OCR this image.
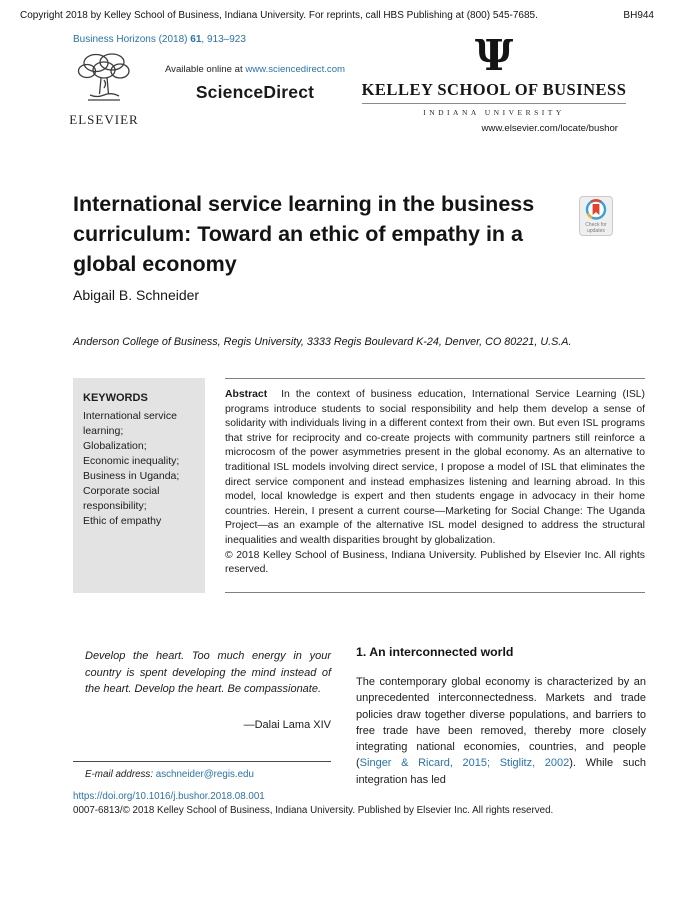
Copyright 2018 by Kelley School of Business, Indiana University. For reprints, call HBS Publishing at (800) 545-7685.	BH944
Business Horizons (2018) 61, 913–923
ELSEVIER
Available online at www.sciencedirect.com
ScienceDirect
Ψ
KELLEY SCHOOL OF BUSINESS
INDIANA UNIVERSITY
www.elsevier.com/locate/bushor
International service learning in the business curriculum: Toward an ethic of empathy in a global economy
Check for
updates
Abigail B. Schneider
Anderson College of Business, Regis University, 3333 Regis Boulevard K-24, Denver, CO 80221, U.S.A.
KEYWORDS
International service learning;
Globalization;
Economic inequality;
Business in Uganda;
Corporate social responsibility;
Ethic of empathy

Abstract In the context of business education, International Service Learning (ISL) programs introduce students to social responsibility and help them develop a sense of solidarity with individuals living in a different context from their own. But even ISL programs that strive for reciprocity and co-create projects with community partners still reinforce a microcosm of the power asymmetries present in the global economy. As an alternative to traditional ISL models involving direct service, I propose a model of ISL that eliminates the direct service component and instead emphasizes listening and learning abroad. In this model, local knowledge is expert and then students engage in advocacy in their home countries. Herein, I present a current course—Marketing for Social Change: The Uganda Project—as an example of the alternative ISL model designed to address the structural inequalities and wealth disparities brought by globalization.

© 2018 Kelley School of Business, Indiana University. Published by Elsevier Inc. All rights reserved.

Develop the heart. Too much energy in your country is spent developing the mind instead of the heart. Develop the heart. Be compassionate.
—Dalai Lama XIV
E-mail address: aschneider@regis.edu
1. An interconnected world
The contemporary global economy is characterized by an unprecedented interconnectedness. Markets and trade policies draw together diverse populations, and barriers to free trade have been removed, thereby more closely integrating national economies, countries, and people (Singer & Ricard, 2015; Stiglitz, 2002). While such integration has led
https://doi.org/10.1016/j.bushor.2018.08.001
0007-6813/© 2018 Kelley School of Business, Indiana University. Published by Elsevier Inc. All rights reserved.
